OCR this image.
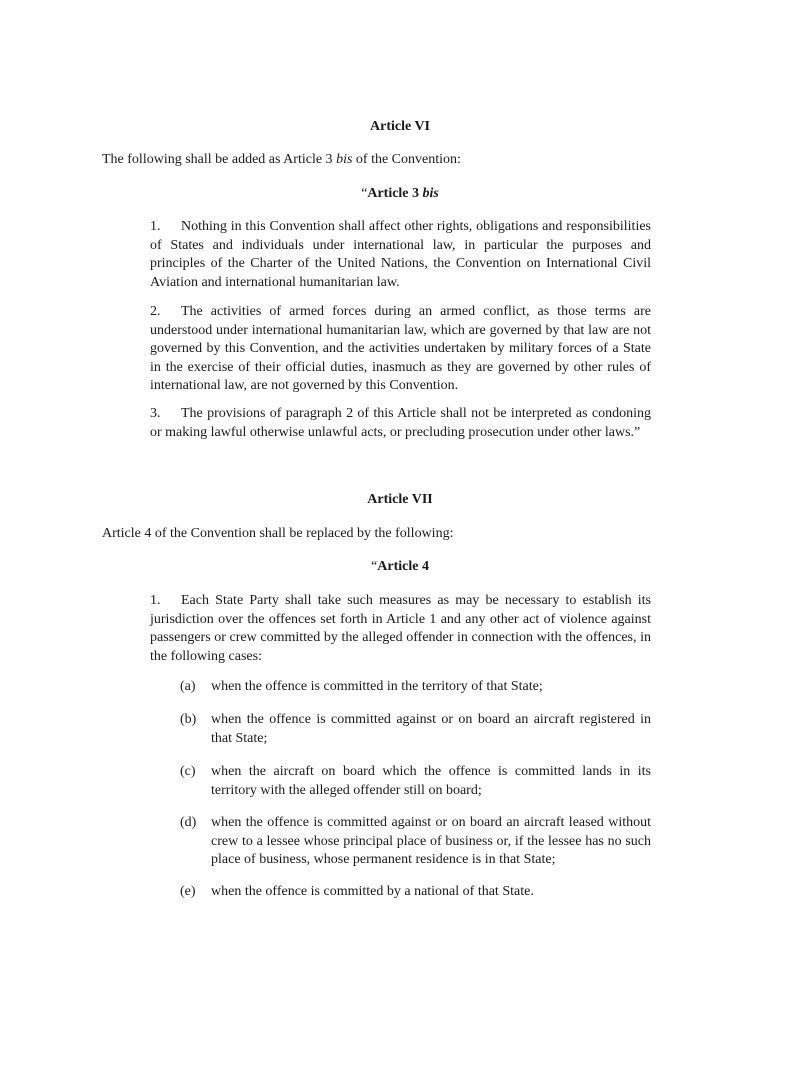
Article VI
The following shall be added as Article 3 bis of the Convention:
“Article 3 bis
1. Nothing in this Convention shall affect other rights, obligations and responsibilities of States and individuals under international law, in particular the purposes and principles of the Charter of the United Nations, the Convention on International Civil Aviation and international humanitarian law.
2. The activities of armed forces during an armed conflict, as those terms are understood under international humanitarian law, which are governed by that law are not governed by this Convention, and the activities undertaken by military forces of a State in the exercise of their official duties, inasmuch as they are governed by other rules of international law, are not governed by this Convention.
3. The provisions of paragraph 2 of this Article shall not be interpreted as condoning or making lawful otherwise unlawful acts, or precluding prosecution under other laws.”
Article VII
Article 4 of the Convention shall be replaced by the following:
“Article 4
1. Each State Party shall take such measures as may be necessary to establish its jurisdiction over the offences set forth in Article 1 and any other act of violence against passengers or crew committed by the alleged offender in connection with the offences, in the following cases:
(a)	when the offence is committed in the territory of that State;
(b)	when the offence is committed against or on board an aircraft registered in that State;
(c)	when the aircraft on board which the offence is committed lands in its territory with the alleged offender still on board;
(d)	when the offence is committed against or on board an aircraft leased without crew to a lessee whose principal place of business or, if the lessee has no such place of business, whose permanent residence is in that State;
(e)	when the offence is committed by a national of that State.
